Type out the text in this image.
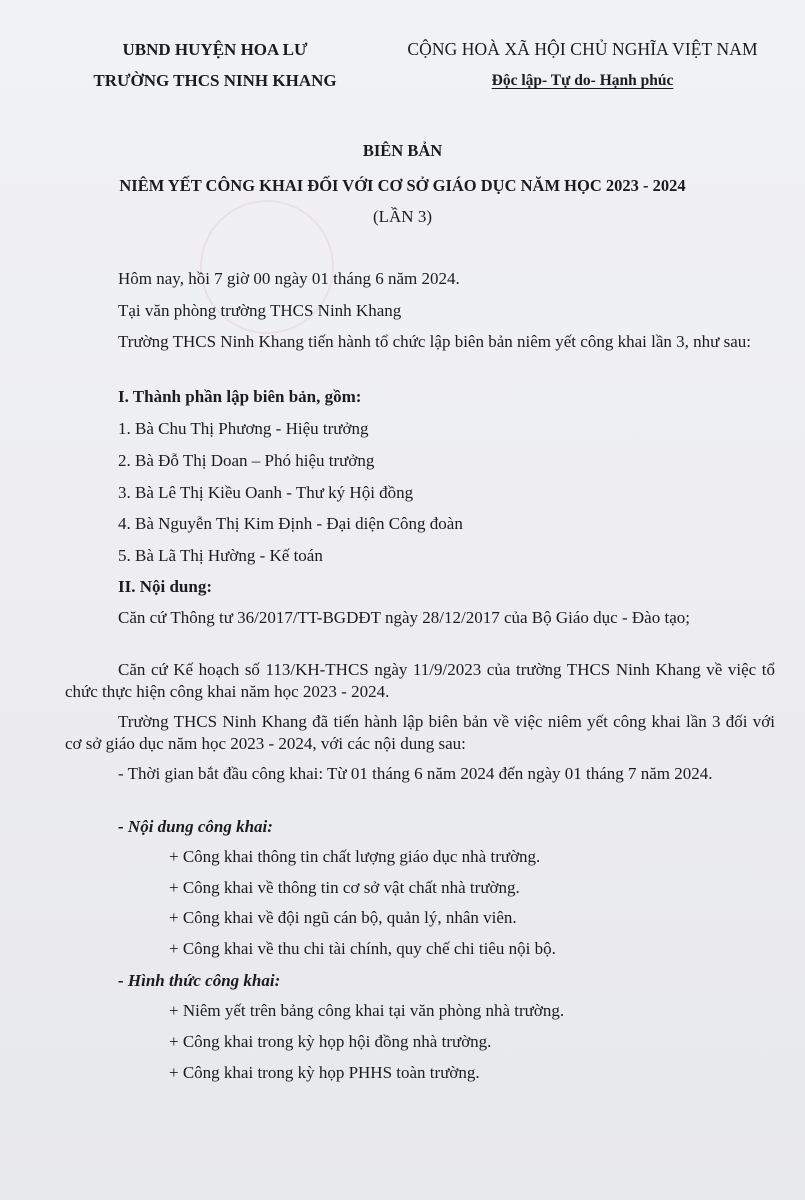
UBND HUYỆN HOA LƯ
TRƯỜNG THCS NINH KHANG
CỘNG HOÀ XÃ HỘI CHỦ NGHĨA VIỆT NAM
Độc lập- Tự do- Hạnh phúc
BIÊN BẢN
NIÊM YẾT CÔNG KHAI ĐỐI VỚI CƠ SỞ GIÁO DỤC NĂM HỌC 2023 - 2024
(LẦN 3)

Hôm nay, hồi 7 giờ 00 ngày 01 tháng 6 năm 2024.

Tại văn phòng trường THCS Ninh Khang

Trường THCS Ninh Khang tiến hành tổ chức lập biên bản niêm yết công khai lần 3, như sau:

I. Thành phần lập biên bản, gồm:

1. Bà Chu Thị Phương - Hiệu trưởng

2. Bà Đỗ Thị Doan – Phó hiệu trưởng

3. Bà Lê Thị Kiều Oanh - Thư ký Hội đồng

4. Bà Nguyễn Thị Kim Định - Đại diện Công đoàn

5. Bà Lã Thị Hường - Kế toán

II. Nội dung:

Căn cứ Thông tư 36/2017/TT-BGDĐT ngày 28/12/2017 của Bộ Giáo dục - Đào tạo;

Căn cứ Kế hoạch số 113/KH-THCS ngày 11/9/2023 của trường THCS Ninh Khang về việc tổ chức thực hiện công khai năm học 2023 - 2024.

Trường THCS Ninh Khang đã tiến hành lập biên bản về việc niêm yết công khai lần 3 đối với cơ sở giáo dục năm học 2023 - 2024, với các nội dung sau:

- Thời gian bắt đầu công khai: Từ 01 tháng 6 năm 2024 đến ngày 01 tháng 7 năm 2024.

- Nội dung công khai:

+ Công khai thông tin chất lượng giáo dục nhà trường.

+ Công khai về thông tin cơ sở vật chất nhà trường.

+ Công khai về đội ngũ cán bộ, quản lý, nhân viên.

+ Công khai về thu chi tài chính, quy chế chi tiêu nội bộ.

- Hình thức công khai:

+ Niêm yết trên bảng công khai tại văn phòng nhà trường.

+ Công khai trong kỳ họp hội đồng nhà trường.

+ Công khai trong kỳ họp PHHS toàn trường.
